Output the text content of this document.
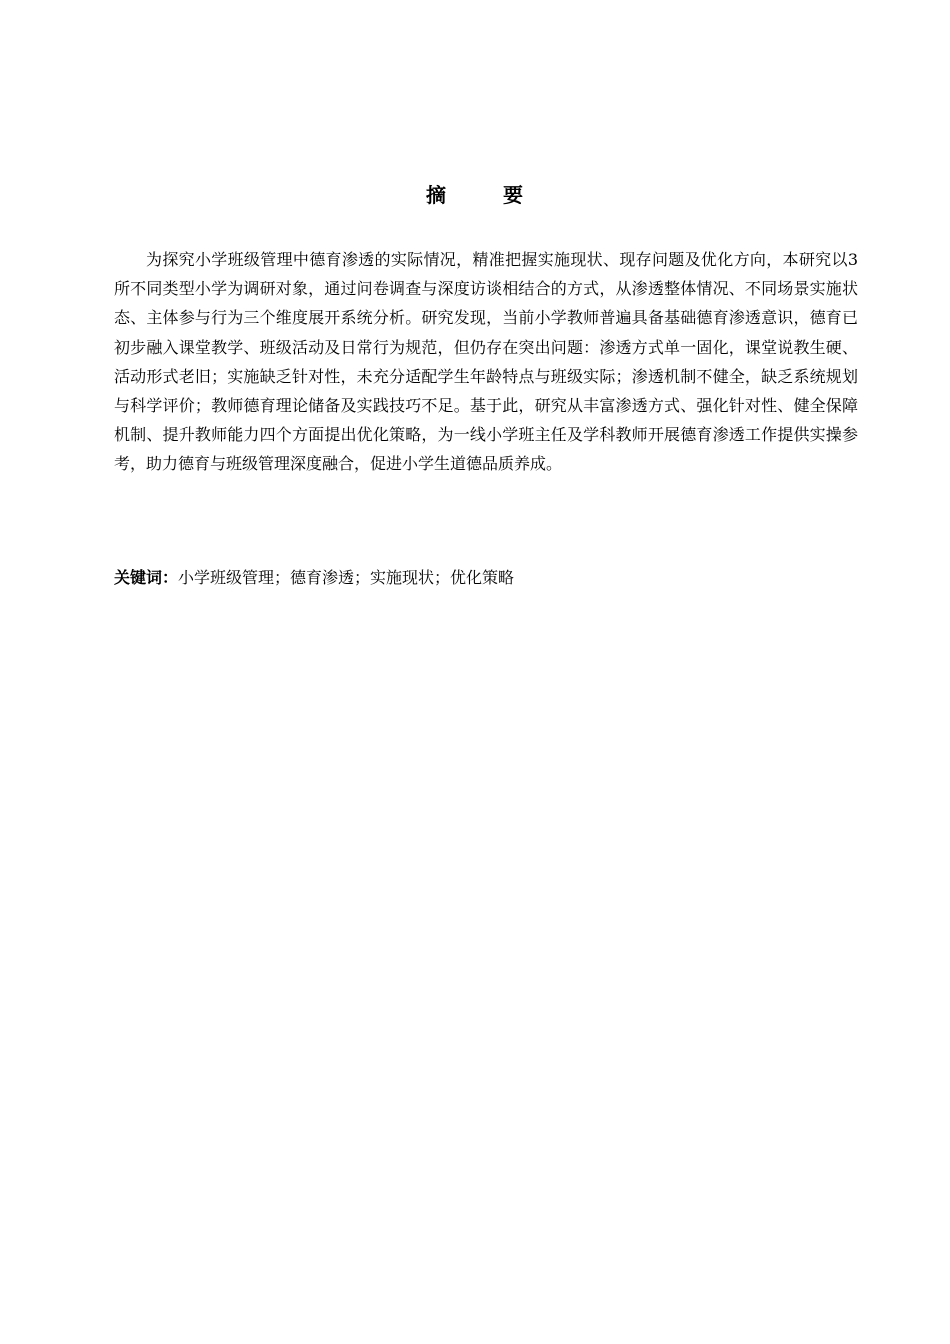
摘	要

为探究小学班级管理中德育渗透的实际情况，精准把握实施现状、现存问题及优化方向，本研究以3所不同类型小学为调研对象，通过问卷调查与深度访谈相结合的方式，从渗透整体情况、不同场景实施状态、主体参与行为三个维度展开系统分析。研究发现，当前小学教师普遍具备基础德育渗透意识，德育已初步融入课堂教学、班级活动及日常行为规范，但仍存在突出问题：渗透方式单一固化，课堂说教生硬、活动形式老旧；实施缺乏针对性，未充分适配学生年龄特点与班级实际；渗透机制不健全，缺乏系统规划与科学评价；教师德育理论储备及实践技巧不足。基于此，研究从丰富渗透方式、强化针对性、健全保障机制、提升教师能力四个方面提出优化策略，为一线小学班主任及学科教师开展德育渗透工作提供实操参考，助力德育与班级管理深度融合，促进小学生道德品质养成。

关键词：小学班级管理；德育渗透；实施现状；优化策略
